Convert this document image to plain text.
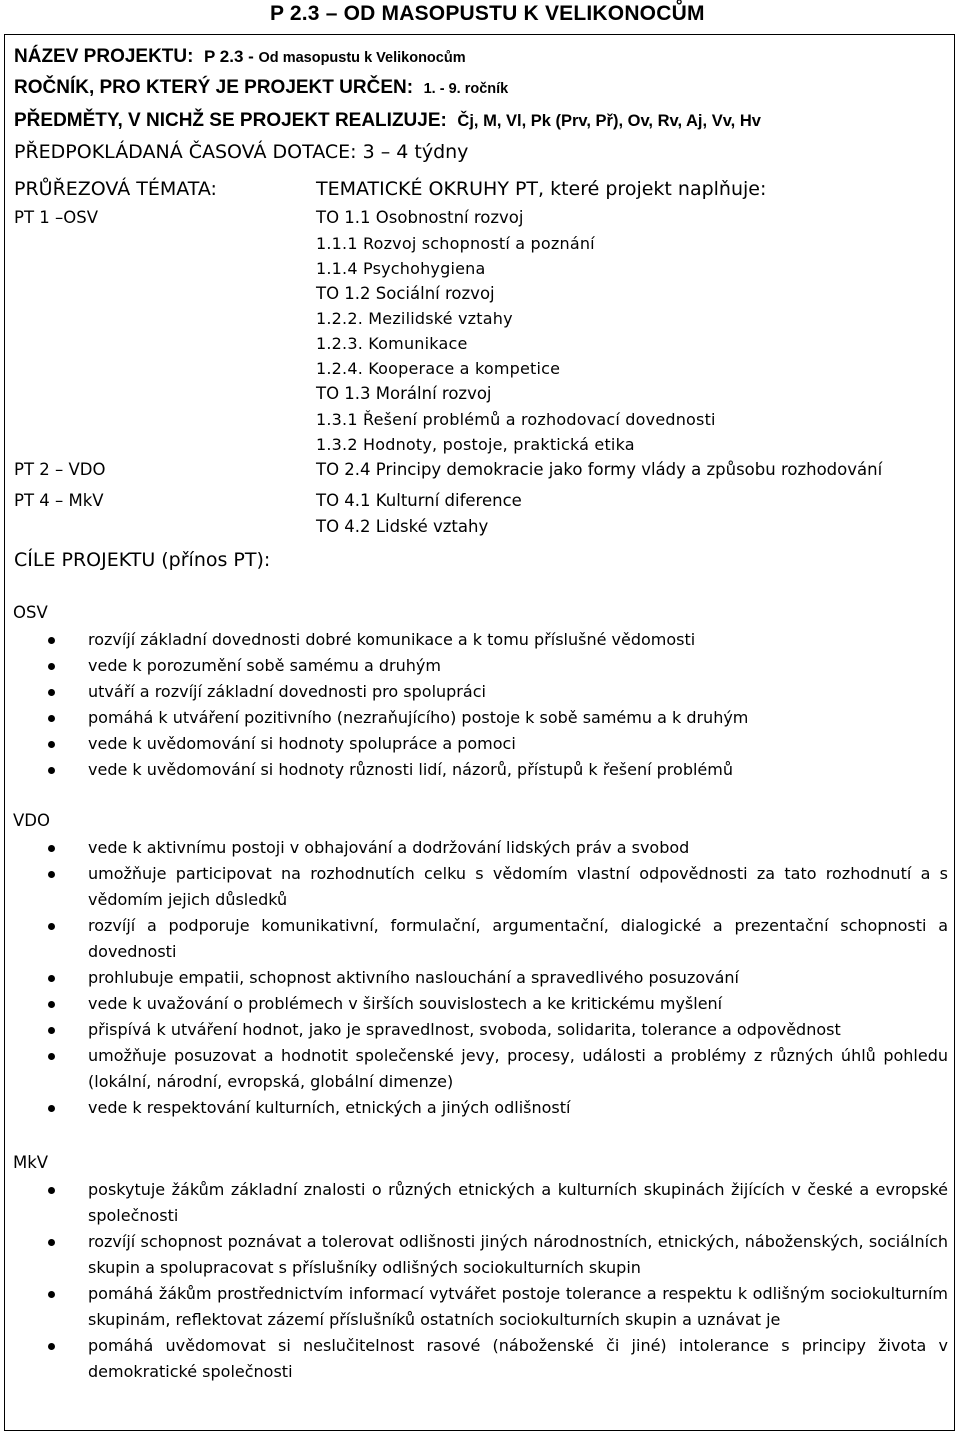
P 2.3 – OD MASOPUSTU K VELIKONOCŮM
NÁZEV PROJEKTU: P 2.3 - Od masopustu k Velikonocům
ROČNÍK, PRO KTERÝ JE PROJEKT URČEN: 1. - 9. ročník
PŘEDMĚTY, V NICHŽ SE PROJEKT REALIZUJE: Čj, M, Vl, Pk (Prv, Př), Ov, Rv, Aj, Vv, Hv
PŘEDPOKLÁDANÁ ČASOVÁ DOTACE: 3 – 4 týdny
PRŮŘEZOVÁ TÉMATA:	TEMATICKÉ OKRUHY PT, které projekt naplňuje:
PT 1 –OSV
PT 2 – VDO
PT 4 – MkV
TO 1.1 Osobnostní rozvoj
1.1.1 Rozvoj schopností a poznání
1.1.4 Psychohygiena
TO 1.2 Sociální rozvoj
1.2.2. Mezilidské vztahy
1.2.3. Komunikace
1.2.4. Kooperace a kompetice
TO 1.3 Morální rozvoj
1.3.1 Řešení problémů a rozhodovací dovednosti
1.3.2 Hodnoty, postoje, praktická etika
TO 2.4 Principy demokracie jako formy vlády a způsobu rozhodování
TO 4.1 Kulturní diference
TO 4.2 Lidské vztahy
CÍLE PROJEKTU (přínos PT):
OSV
rozvíjí základní dovednosti dobré komunikace a k tomu příslušné vědomosti
vede k porozumění sobě samému a druhým
utváří a rozvíjí základní dovednosti pro spolupráci
pomáhá k utváření pozitivního (nezraňujícího) postoje k sobě samému a k druhým
vede k uvědomování si hodnoty spolupráce a pomoci
vede k uvědomování si hodnoty různosti lidí, názorů, přístupů k řešení problémů
VDO
vede k aktivnímu postoji v obhajování a dodržování lidských práv a svobod
umožňuje participovat na rozhodnutích celku s vědomím vlastní odpovědnosti za tato rozhodnutí a s vědomím jejich důsledků
rozvíjí a podporuje komunikativní, formulační, argumentační, dialogické a prezentační schopnosti a dovednosti
prohlubuje empatii, schopnost aktivního naslouchání a spravedlivého posuzování
vede k uvažování o problémech v širších souvislostech a ke kritickému myšlení
přispívá k utváření hodnot, jako je spravedlnost, svoboda, solidarita, tolerance a odpovědnost
umožňuje posuzovat a hodnotit společenské jevy, procesy, události a problémy z různých úhlů pohledu (lokální, národní, evropská, globální dimenze)
vede k respektování kulturních, etnických a jiných odlišností
MkV
poskytuje žákům základní znalosti o různých etnických a kulturních skupinách žijících v české a evropské společnosti
rozvíjí schopnost poznávat a tolerovat odlišnosti jiných národnostních, etnických, náboženských, sociálních skupin a spolupracovat s příslušníky odlišných sociokulturních skupin
pomáhá žákům prostřednictvím informací vytvářet postoje tolerance a respektu k odlišným sociokulturním skupinám, reflektovat zázemí příslušníků ostatních sociokulturních skupin a uznávat je
pomáhá uvědomovat si neslučitelnost rasové (náboženské či jiné) intolerance s principy života v demokratické společnosti
